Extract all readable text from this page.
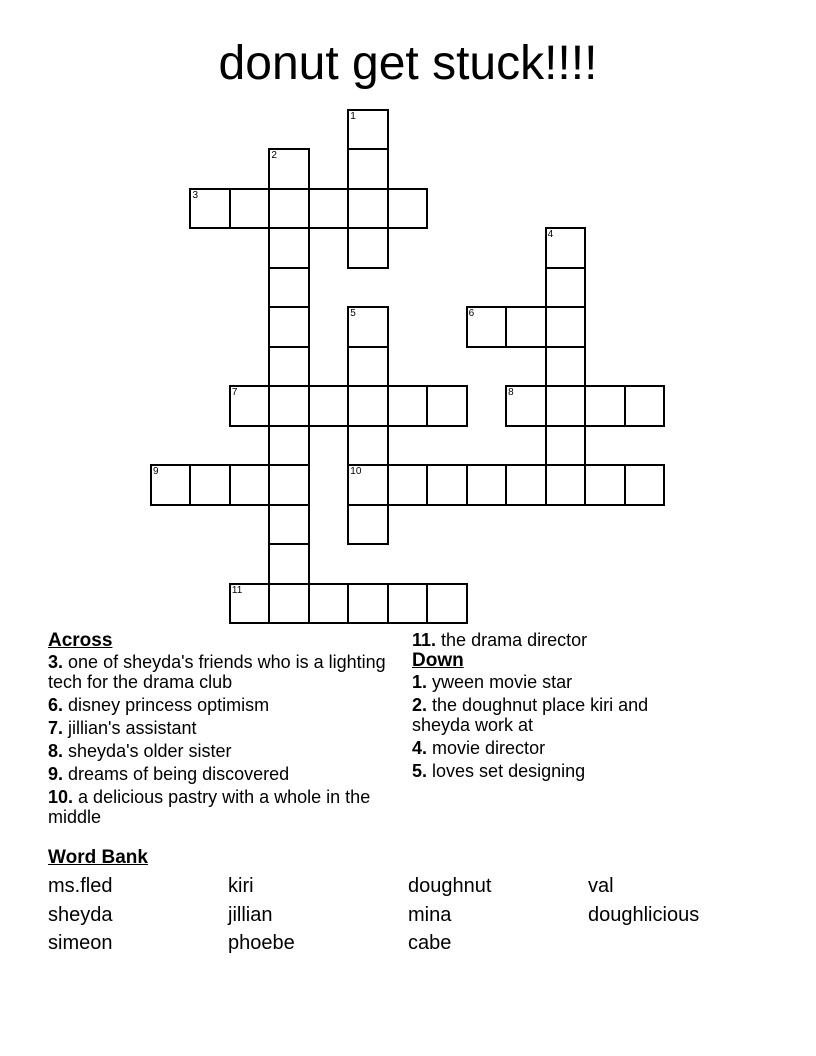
donut get stuck!!!!
1
2
3
4
5
10
6
7	8
9
11
Across
3. one of sheyda's friends who is a lighting tech for the drama club
6. disney princess optimism
7. jillian's assistant
8. sheyda's older sister
9. dreams of being discovered
10. a delicious pastry with a whole in the middle
11. the drama director
Down
1. yween movie star
2. the doughnut place kiri and sheyda work at
4. movie director
5. loves set designing
Word Bank
ms.fled	kiri	doughnut	val
sheyda	jillian	mina	doughlicious
simeon	phoebe	cabe
